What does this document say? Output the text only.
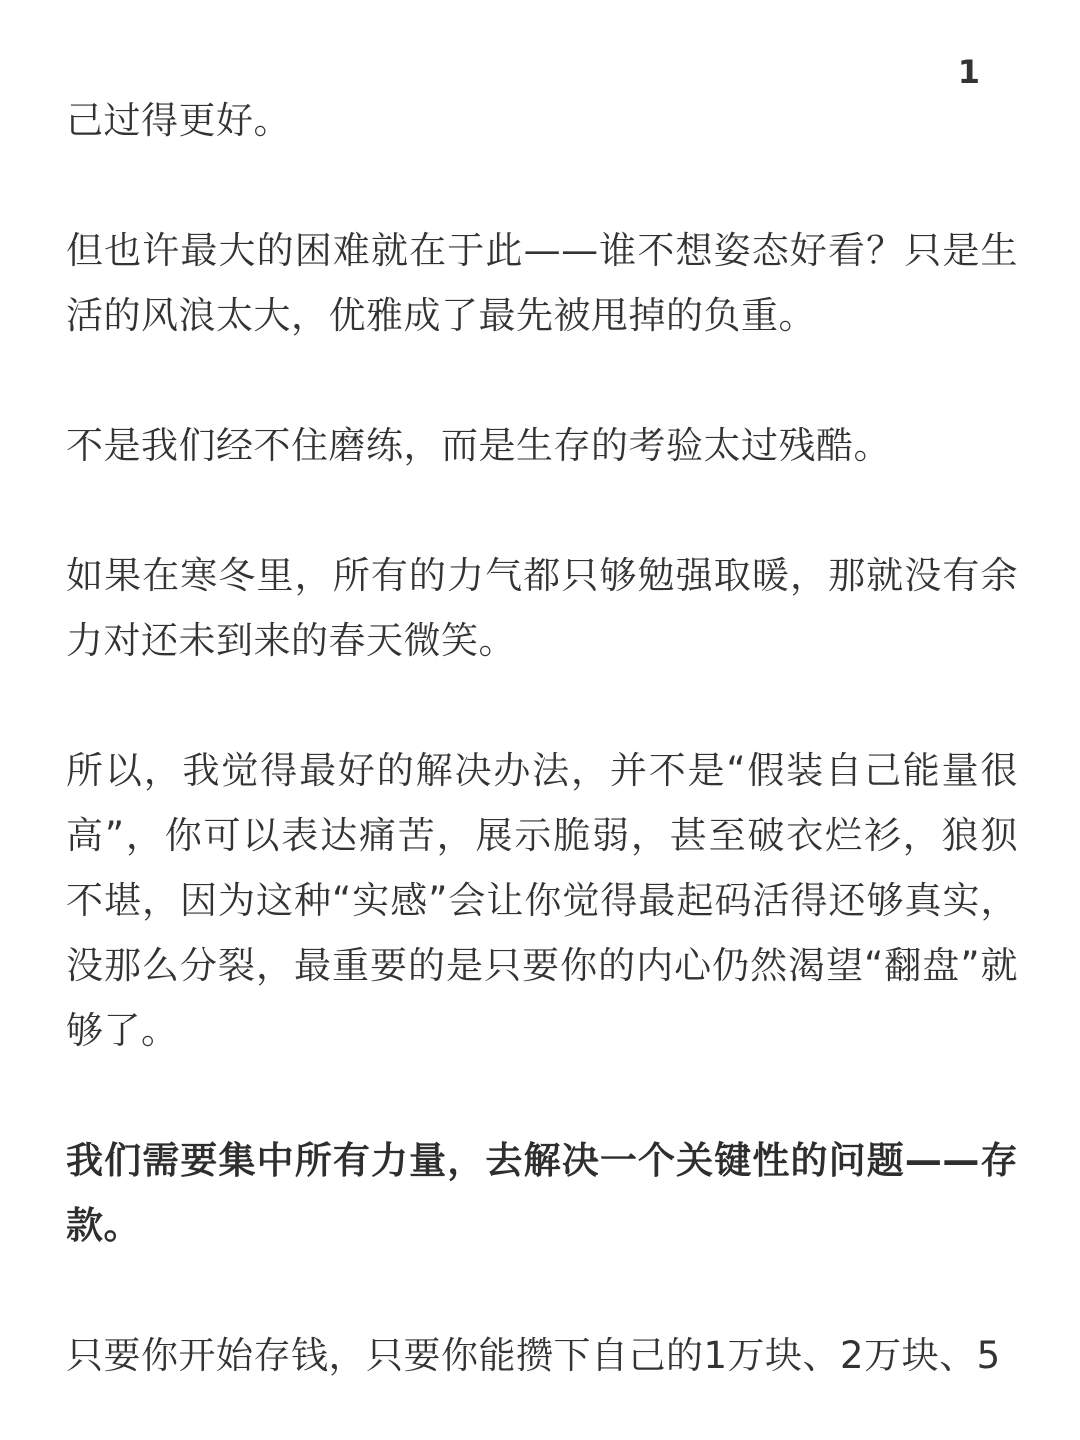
1

己过得更好。

但也许最大的困难就在于此——谁不想姿态好看？只是生活的风浪太大，优雅成了最先被甩掉的负重。

不是我们经不住磨练，而是生存的考验太过残酷。

如果在寒冬里，所有的力气都只够勉强取暖，那就没有余力对还未到来的春天微笑。

所以，我觉得最好的解决办法，并不是“假装自己能量很高”，你可以表达痛苦，展示脆弱，甚至破衣烂衫，狼狈不堪，因为这种“实感”会让你觉得最起码活得还够真实，没那么分裂，最重要的是只要你的内心仍然渴望“翻盘”就够了。

我们需要集中所有力量，去解决一个关键性的问题——存款。

只要你开始存钱，只要你能攒下自己的1万块、2万块、5
